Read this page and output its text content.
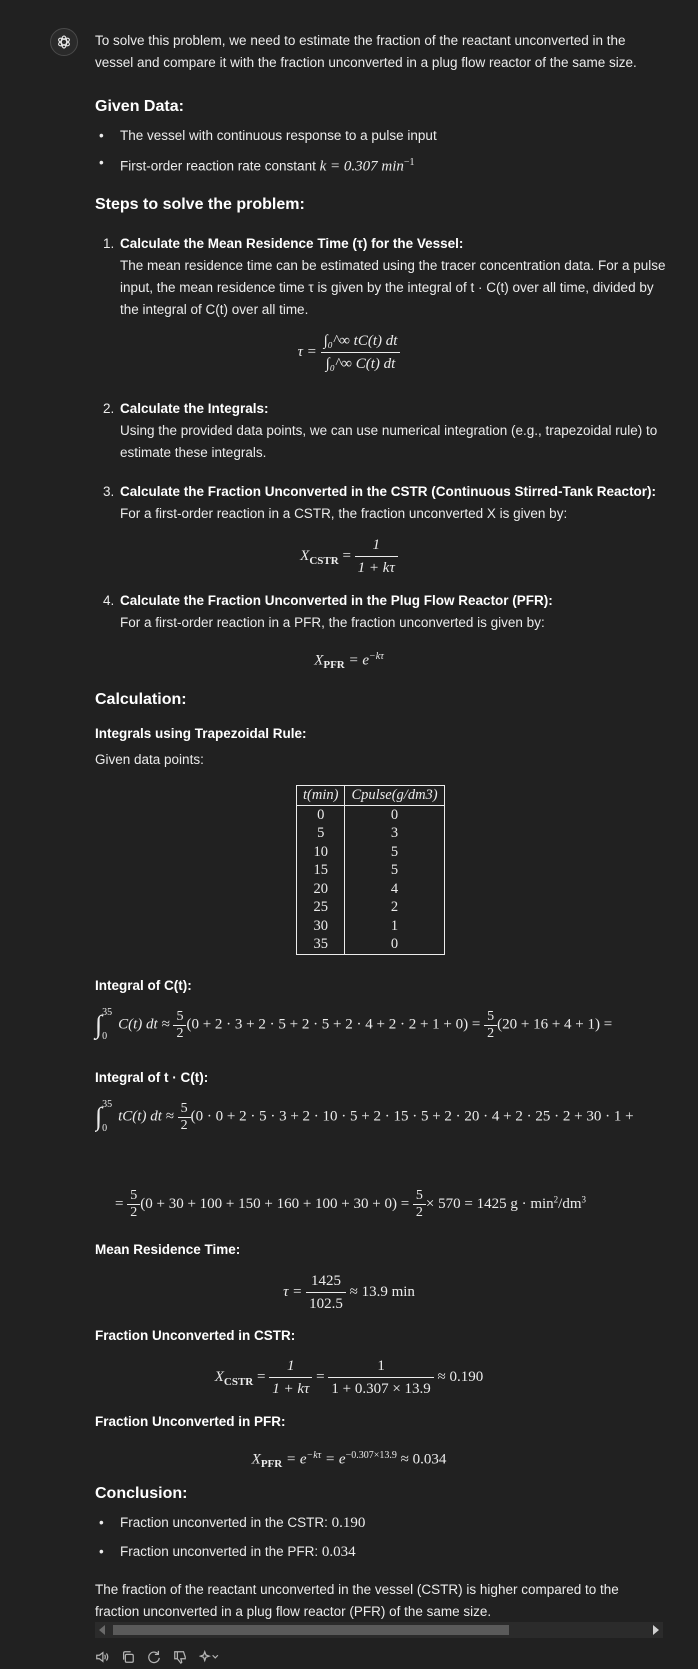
To solve this problem, we need to estimate the fraction of the reactant unconverted in the vessel and compare it with the fraction unconverted in a plug flow reactor of the same size.

Given Data:

• The vessel with continuous response to a pulse input

• First-order reaction rate constant k = 0.307 $\min^{-1}$

Steps to solve the problem:
1. Calculate the Mean Residence Time (τ) for the Vessel:

The mean residence time can be estimated using the tracer concentration data. For a pulse input, the mean residence time τ is given by the integral of t · C(t) over all time, divided by the integral of C(t) over all time.

$\tau = \frac{\text{∫₀\textasciicircum{}∞ tC(t) dt}}{\text{∫₀\textasciicircum{}∞ C(t) dt}}$
2. Calculate the Integrals:

Using the provided data points, we can use numerical integration (e.g., trapezoidal rule) to estimate these integrals.

3. Calculate the Fraction Unconverted in the CSTR (Continuous Stirred-Tank Reactor):

For a first-order reaction in a CSTR, the fraction unconverted X is given by:

$X_{CSTR} = \frac{1}{1 + k\tau}$
4. Calculate the Fraction Unconverted in the Plug Flow Reactor (PFR):

For a first-order reaction in a PFR, the fraction unconverted is given by:

$X_{PFR} = e^{-k\tau}$
Calculation:
Integrals using Trapezoidal Rule:

Given data points:

t(min)	Cpulse(g/dm3)
0	0
5	3
10	5
15	5
20	4
25	2
30	1
35	0
Integral of C(t):
∫ 35
0
C(t) dt ≈ $\frac{5}{2} (0 + 2 \cdot 3 + 2 \cdot 5 + 2 \cdot 5 + 2 \cdot 4 + 2 \cdot 2 + 1 + 0) = \frac{5}{2} (20 + 16 + 4 + 1)$ =
Integral of t · C(t):
∫ 35
0
tC(t) dt ≈ $\frac{5}{2} (0 \cdot 0 + 2 \cdot 5 \cdot 3 + 2 \cdot 10 \cdot 5 + 2 \cdot 15 \cdot 5 + 2 \cdot 20 \cdot 4 + 2 \cdot 25 \cdot 2 + 30 \cdot 1$ +
= $\frac{5}{2} (0 + 30 + 100 + 150 + 160 + 100 + 30 + 0) = \frac{5}{2} \times 570 = 1425$ $g \cdot \min^2/dm^3$
Mean Residence Time:
$\tau = \frac{1425}{102.5} \approx 13.9$ min
Fraction Unconverted in CSTR:
$X_{CSTR} = \frac{1}{1 + k\tau} = \frac{1}{1 + 0.307 \times 13.9} \approx 0.190$
Fraction Unconverted in PFR:
$X_{PFR} = e^{-k\tau} = e^{-0.307\times 13.9} \approx 0.034$
Conclusion:

• Fraction unconverted in the CSTR: 0.190

• Fraction unconverted in the PFR: 0.034

The fraction of the reactant unconverted in the vessel (CSTR) is higher compared to the fraction unconverted in a plug flow reactor (PFR) of the same size.
